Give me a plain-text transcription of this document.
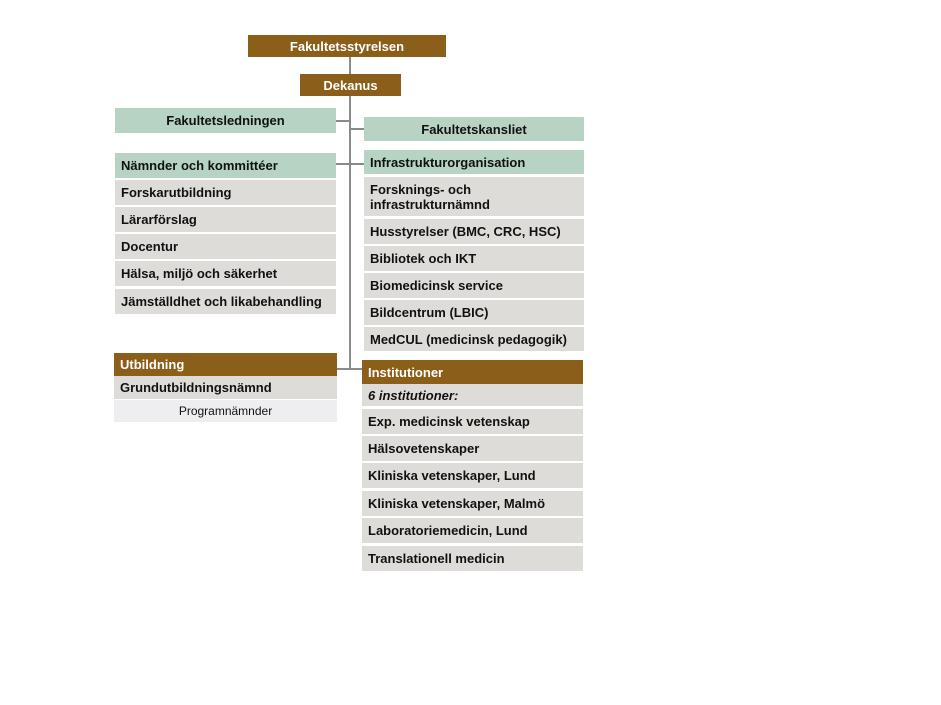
Fakultetsstyrelsen
Dekanus
Fakultetsledningen
Fakultetskansliet
Nämnder och kommittéer
Forskarutbildning
Lärarförslag
Docentur
Hälsa, miljö och säkerhet
Jämställdhet och likabehandling
Utbildning
Grundutbildningsnämnd
Programnämnder
Infrastrukturorganisation
Forsknings- och infrastrukturnämnd
Husstyrelser (BMC, CRC, HSC)
Bibliotek och IKT
Biomedicinsk service
Bildcentrum (LBIC)
MedCUL (medicinsk pedagogik)
Institutioner
6 institutioner:
Exp. medicinsk vetenskap
Hälsovetenskaper
Kliniska vetenskaper, Lund
Kliniska vetenskaper, Malmö
Laboratoriemedicin, Lund
Translationell medicin
